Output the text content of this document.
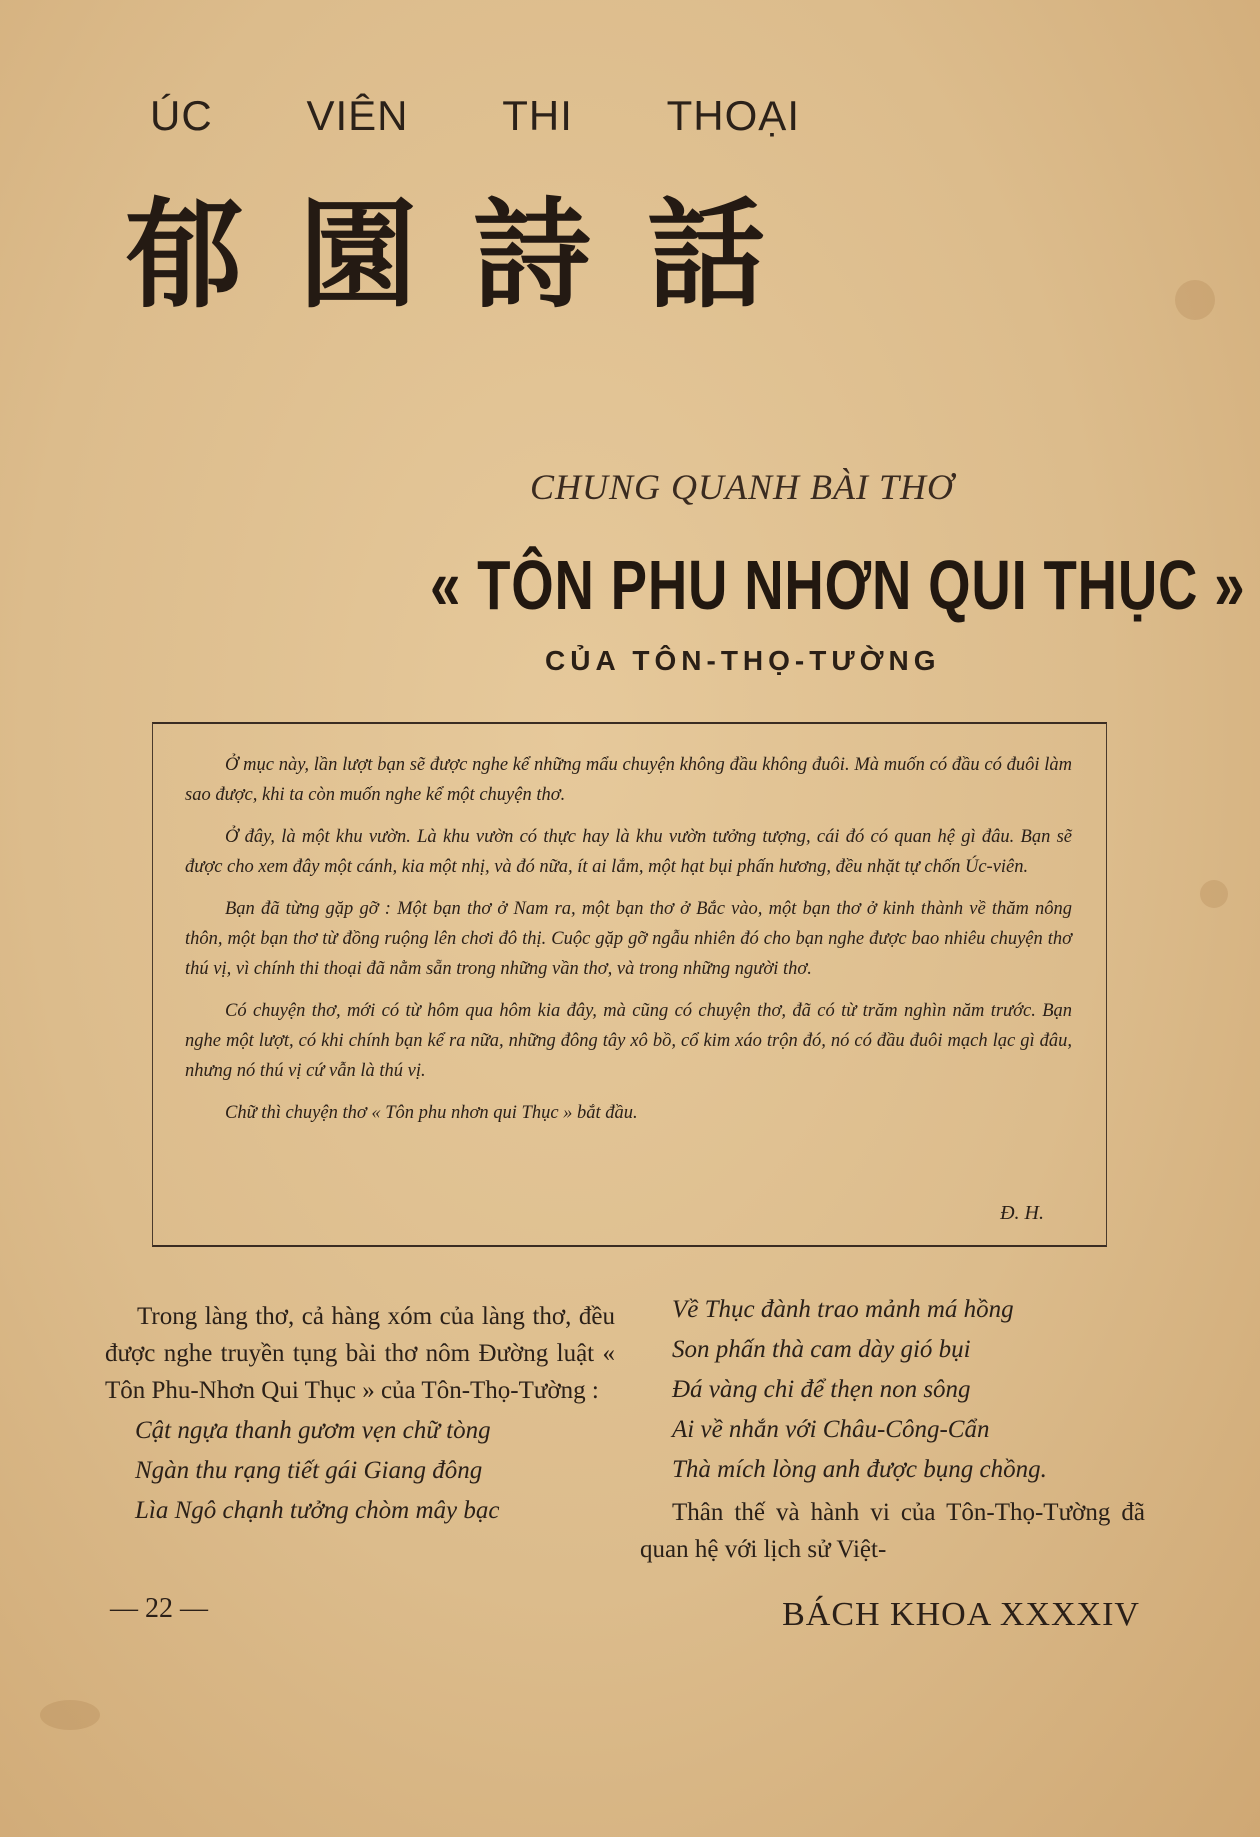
ÚC VIÊN THI THOẠI
郁 園 詩 話
CHUNG QUANH BÀI THƠ
« TÔN PHU NHƠN QUI THỤC »
CỦA TÔN-THỌ-TƯỜNG

Ở mục này, lần lượt bạn sẽ được nghe kể những mẩu chuyện không đầu không đuôi. Mà muốn có đầu có đuôi làm sao được, khi ta còn muốn nghe kể một chuyện thơ.

Ở đây, là một khu vườn. Là khu vườn có thực hay là khu vườn tưởng tượng, cái đó có quan hệ gì đâu. Bạn sẽ được cho xem đây một cánh, kia một nhị, và đó nữa, ít ai lắm, một hạt bụi phấn hương, đều nhặt tự chốn Úc-viên.

Bạn đã từng gặp gỡ : Một bạn thơ ở Nam ra, một bạn thơ ở Bắc vào, một bạn thơ ở kinh thành về thăm nông thôn, một bạn thơ từ đồng ruộng lên chơi đô thị. Cuộc gặp gỡ ngẫu nhiên đó cho bạn nghe được bao nhiêu chuyện thơ thú vị, vì chính thi thoại đã nằm sẵn trong những vần thơ, và trong những người thơ.

Có chuyện thơ, mới có từ hôm qua hôm kia đây, mà cũng có chuyện thơ, đã có từ trăm nghìn năm trước. Bạn nghe một lượt, có khi chính bạn kể ra nữa, những đông tây xô bồ, cổ kim xáo trộn đó, nó có đầu đuôi mạch lạc gì đâu, nhưng nó thú vị cứ vẫn là thú vị.

Chữ thì chuyện thơ « Tôn phu nhơn qui Thục » bắt đầu.

Đ. H.

Trong làng thơ, cả hàng xóm của làng thơ, đều được nghe truyền tụng bài thơ nôm Đường luật « Tôn Phu-Nhơn Qui Thục » của Tôn-Thọ-Tường :

Cật ngựa thanh gươm vẹn chữ tòng

Ngàn thu rạng tiết gái Giang đông

Lìa Ngô chạnh tưởng chòm mây bạc

Về Thục đành trao mảnh má hồng

Son phấn thà cam dày gió bụi

Đá vàng chi để thẹn non sông

Ai về nhắn với Châu-Công-Cẩn

Thà mích lòng anh được bụng chồng.

Thân thế và hành vi của Tôn-Thọ-Tường đã quan hệ với lịch sử Việt-

— 22 —	BÁCH KHOA XXXXIV
